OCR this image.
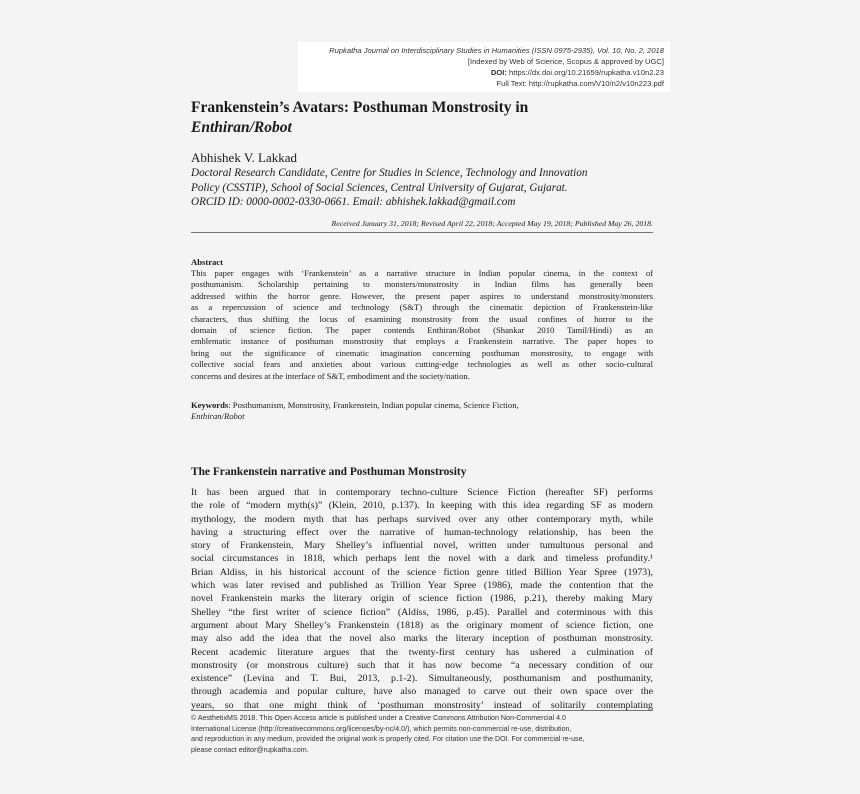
Rupkatha Journal on Interdisciplinary Studies in Humanities (ISSN 0975-2935), Vol. 10, No. 2, 2018
[Indexed by Web of Science, Scopus & approved by UGC]
DOI: https://dx.doi.org/10.21659/rupkatha.v10n2.23
Full Text: http://rupkatha.com/V10/n2/v10n223.pdf
Frankenstein’s Avatars: Posthuman Monstrosity in
Enthiran/Robot
Abhishek V. Lakkad
Doctoral Research Candidate, Centre for Studies in Science, Technology and Innovation
Policy (CSSTIP), School of Social Sciences, Central University of Gujarat, Gujarat.
ORCID ID: 0000-0002-0330-0661. Email: abhishek.lakkad@gmail.com
Received January 31, 2018; Revised April 22, 2018; Accepted May 19, 2018; Published May 26, 2018.
Abstract
This paper engages with ‘Frankenstein’ as a narrative structure in Indian popular cinema, in the context of
posthumanism. Scholarship pertaining to monsters/monstrosity in Indian films has generally been
addressed within the horror genre. However, the present paper aspires to understand monstrosity/monsters
as a repercussion of science and technology (S&T) through the cinematic depiction of Frankenstein-like
characters, thus shifting the locus of examining monstrosity from the usual confines of horror to the
domain of science fiction. The paper contends Enthiran/Robot (Shankar 2010 Tamil/Hindi) as an
emblematic instance of posthuman monstrosity that employs a Frankenstein narrative. The paper hopes to
bring out the significance of cinematic imagination concerning posthuman monstrosity, to engage with
collective social fears and anxieties about various cutting-edge technologies as well as other socio-cultural
concerns and desires at the interface of S&T, embodiment and the society/nation.
Keywords: Posthumanism, Monstrosity, Frankenstein, Indian popular cinema, Science Fiction,
Enthiran/Robot
The Frankenstein narrative and Posthuman Monstrosity
It has been argued that in contemporary techno-culture Science Fiction (hereafter SF) performs
the role of “modern myth(s)” (Klein, 2010, p.137). In keeping with this idea regarding SF as modern
mythology, the modern myth that has perhaps survived over any other contemporary myth, while
having a structuring effect over the narrative of human-technology relationship, has been the
story of Frankenstein, Mary Shelley’s influential novel, written under tumultuous personal and
social circumstances in 1818, which perhaps lent the novel with a dark and timeless profundity.¹
Brian Aldiss, in his historical account of the science fiction genre titled Billion Year Spree (1973),
which was later revised and published as Trillion Year Spree (1986), made the contention that the
novel Frankenstein marks the literary origin of science fiction (1986, p.21), thereby making Mary
Shelley “the first writer of science fiction” (Aldiss, 1986, p.45). Parallel and coterminous with this
argument about Mary Shelley’s Frankenstein (1818) as the originary moment of science fiction, one
may also add the idea that the novel also marks the literary inception of posthuman monstrosity.
Recent academic literature argues that the twenty-first century has ushered a culmination of
monstrosity (or monstrous culture) such that it has now become “a necessary condition of our
existence” (Levina and T. Bui, 2013, p.1-2). Simultaneously, posthumanism and posthumanity,
through academia and popular culture, have also managed to carve out their own space over the
years, so that one might think of ‘posthuman monstrosity’ instead of solitarily contemplating
© AesthetixMS 2018. This Open Access article is published under a Creative Commons Attribution Non-Commercial 4.0
International License (http://creativecommons.org/licenses/by-nc/4.0/), which permits non-commercial re-use, distribution,
and reproduction in any medium, provided the original work is properly cited. For citation use the DOI. For commercial re-use,
please contact editor@rupkatha.com.
